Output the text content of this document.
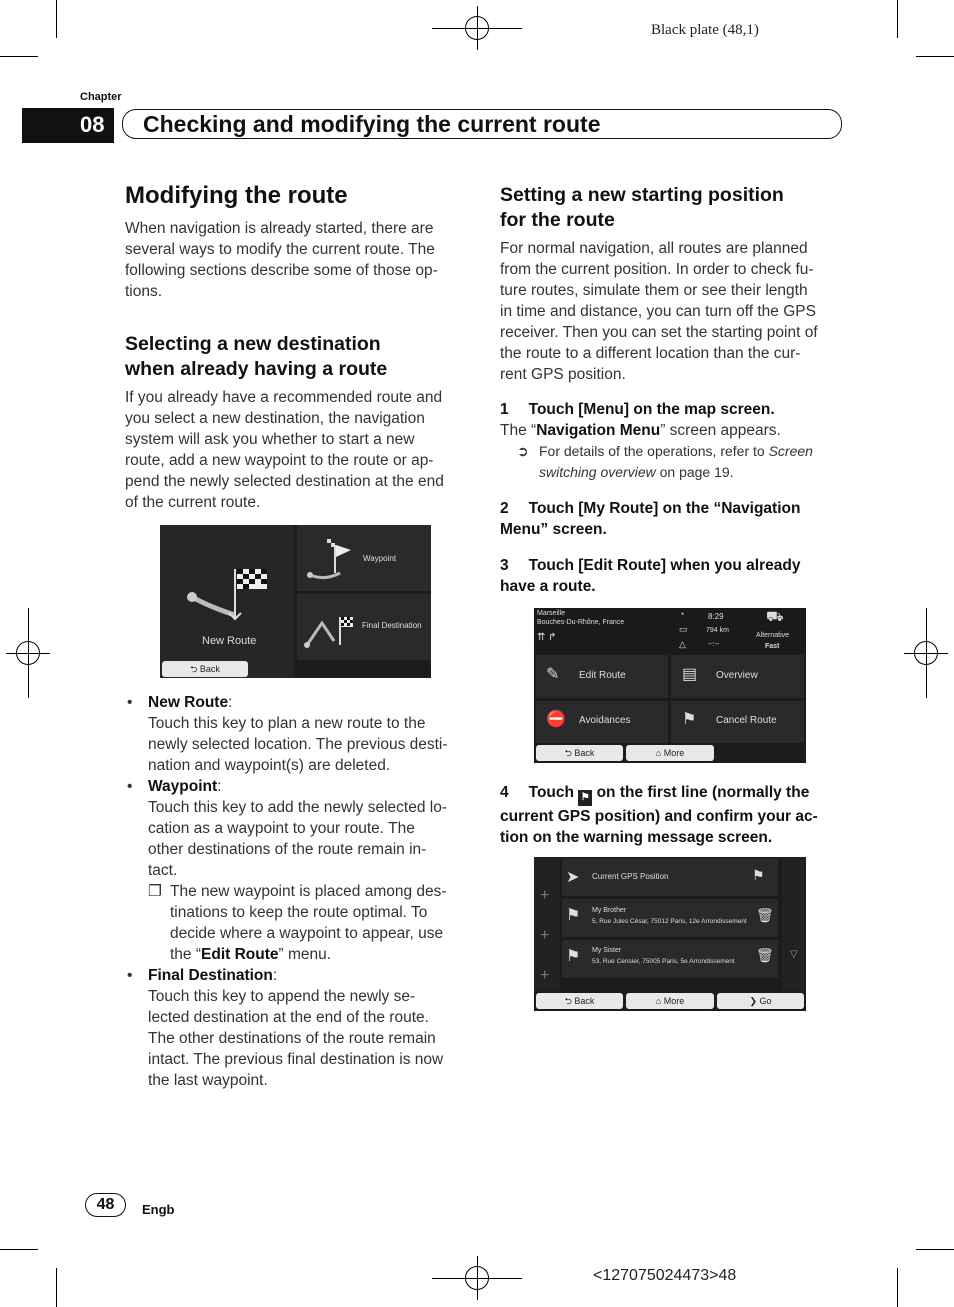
Black plate (48,1)
Chapter
08	Checking and modifying the current route
Modifying the route
When navigation is already started, there are
several ways to modify the current route. The
following sections describe some of those op-
tions.
Selecting a new destination
when already having a route
If you already have a recommended route and
you select a new destination, the navigation
system will ask you whether to start a new
route, add a new waypoint to the route or ap-
pend the newly selected destination at the end
of the current route.
New Route
Waypoint
Final Destination
⮌ Back
• New Route:
Touch this key to plan a new route to the
newly selected location. The previous desti-
nation and waypoint(s) are deleted.
• Waypoint:
Touch this key to add the newly selected lo-
cation as a waypoint to your route. The
other destinations of the route remain in-
tact.
❐ The new waypoint is placed among des-
tinations to keep the route optimal. To
decide where a waypoint to appear, use
the “Edit Route” menu.
• Final Destination:
Touch this key to append the newly se-
lected destination at the end of the route.
The other destinations of the route remain
intact. The previous final destination is now
the last waypoint.
Setting a new starting position
for the route
For normal navigation, all routes are planned
from the current position. In order to check fu-
ture routes, simulate them or see their length
in time and distance, you can turn off the GPS
receiver. Then you can set the starting point of
the route to a different location than the cur-
rent GPS position.
1 Touch [Menu] on the map screen.
The “Navigation Menu” screen appears.
➲ For details of the operations, refer to Screen
switching overview on page 19.
2 Touch [My Route] on the “Navigation
Menu” screen.
3 Touch [Edit Route] when you already
have a route.
Marseille
Bouches-Du-Rhône, France
⇈ ↱
◔	8:29
▭	794 km
△	--:--
⛟
Alternative
Fast
✎ Edit Route	▤ Overview
⛔ Avoidances	⚑ Cancel Route
⮌ Back	⌂ More
4 Touch ⚑ on the first line (normally the
current GPS position) and confirm your ac-
tion on the warning message screen.
+
+
+
➤ Current GPS Position	⚑
⚑ My Brother
5, Rue Jules César, 75012 Paris, 12e Arrondissement 🗑
⚑ My Sister
53, Rue Censier, 75005 Paris, 5e Arrondissement 🗑 ▽
⮌ Back	⌂ More	❯ Go
48	Engb
<127075024473>48
